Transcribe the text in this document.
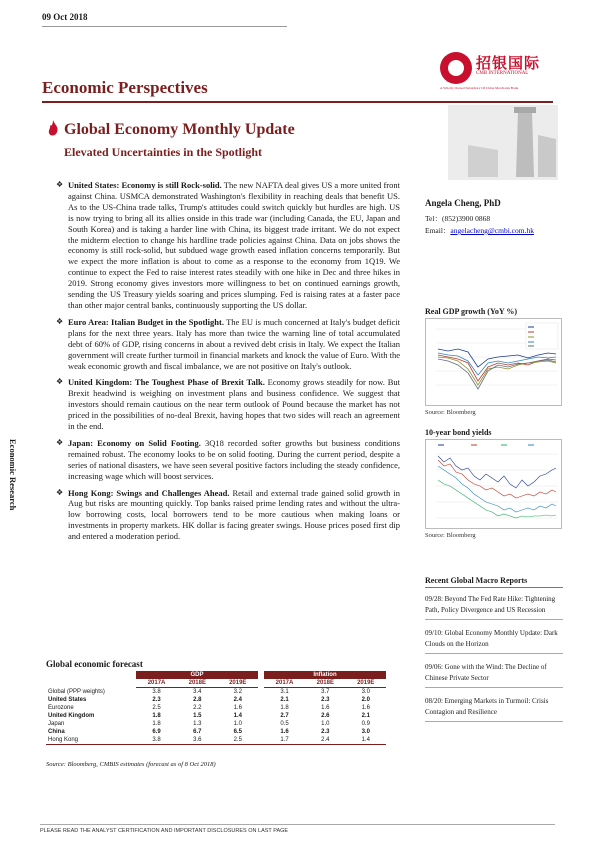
09 Oct 2018
Economic Perspectives
招银国际
CMB INTERNATIONAL
A Wholly Owned Subsidiary Of China Merchants Bank
Global Economy Monthly Update
Elevated Uncertainties in the Spotlight
Economic Research

❖ United States: Economy is still Rock-solid. The new NAFTA deal gives US a more united front against China. USMCA demonstrated Washington's flexibility in reaching deals that benefit US. As to the US-China trade talks, Trump's attitudes could switch quickly but hurdles are high. US is now trying to bring all its allies onside in this trade war (including Canada, the EU, Japan and South Korea) and is taking a harder line with China, its biggest trade irritant. We do not expect the midterm election to change his hardline trade policies against China. Data on jobs shows the economy is still rock-solid, but subdued wage growth eased inflation concerns temporarily. But we expect the more inflation is about to come as a response to the economy from 1Q19. We continue to expect the Fed to raise interest rates steadily with one hike in Dec and three hikes in 2019. Strong economy gives investors more willingness to bet on continued earnings growth, sending the US Treasury yields soaring and prices slumping. Fed is raising rates at a faster pace than other major central banks, continuously supporting the US dollar.

❖ Euro Area: Italian Budget in the Spotlight. The EU is much concerned at Italy's budget deficit plans for the next three years. Italy has more than twice the warning line of total accumulated debt of 60% of GDP, rising concerns in about a revived debt crisis in Italy. We expect the Italian government will create further turmoil in financial markets and knock the value of Euro. With the weak economic growth and fiscal imbalance, we are not positive on Italy's outlook.

❖ United Kingdom: The Toughest Phase of Brexit Talk. Economy grows steadily for now. But Brexit headwind is weighing on investment plans and business confidence. We suggest that investors should remain cautious on the near term outlook of Pound because the market has not priced in the possibilities of no-deal Brexit, having hopes that two sides will reach an agreement in the end.

❖ Japan: Economy on Solid Footing. 3Q18 recorded softer growths but business conditions remained robust. The economy looks to be on solid footing. During the current period, despite a series of national disasters, we have seen several positive factors including the steady confidence, increasing wage which will boost services.

❖ Hong Kong: Swings and Challenges Ahead. Retail and external trade gained solid growth in Aug but risks are mounting quickly. Top banks raised prime lending rates and without the ultra-low borrowing costs, local borrowers tend to be more cautious when making loans or investments in property markets. HK dollar is facing greater swings. House prices posed first dip and entered a moderation period.

Angela Cheng, PhD
Tel：(852)3900 0868
Email：angelacheng@cmbi.com.hk
Real GDP growth (YoY %)
Source: Bloomberg
10-year bond yields
Source: Bloomberg
Recent Global Macro Reports
09/28: Beyond The Fed Rate Hike: Tightening Path, Policy Divergence and US Recession
09/10: Global Economy Monthly Update: Dark Clouds on the Horizon
09/06: Gone with the Wind: The Decline of Chinese Private Sector
08/20: Emerging Markets in Turmoil: Crisis Contagion and Resilience
Global economic forecast
	GDP				Inflation		
	2017A	2018E	2019E		2017A	2018E	2019E
Global (PPP weights)	3.8	3.4	3.2		3.1	3.7	3.0
United States	2.3	2.8	2.4		2.1	2.3	2.0
Eurozone	2.5	2.2	1.6		1.8	1.6	1.6
United Kingdom	1.8	1.5	1.4		2.7	2.6	2.1
Japan	1.8	1.3	1.0		0.5	1.0	0.9
China	6.9	6.7	6.5		1.6	2.3	3.0
Hong Kong	3.8	3.6	2.5		1.7	2.4	1.4
Source: Bloomberg, CMBIS estimates (forecast as of 8 Oct 2018)
PLEASE READ THE ANALYST CERTIFICATION AND IMPORTANT DISCLOSURES ON LAST PAGE
